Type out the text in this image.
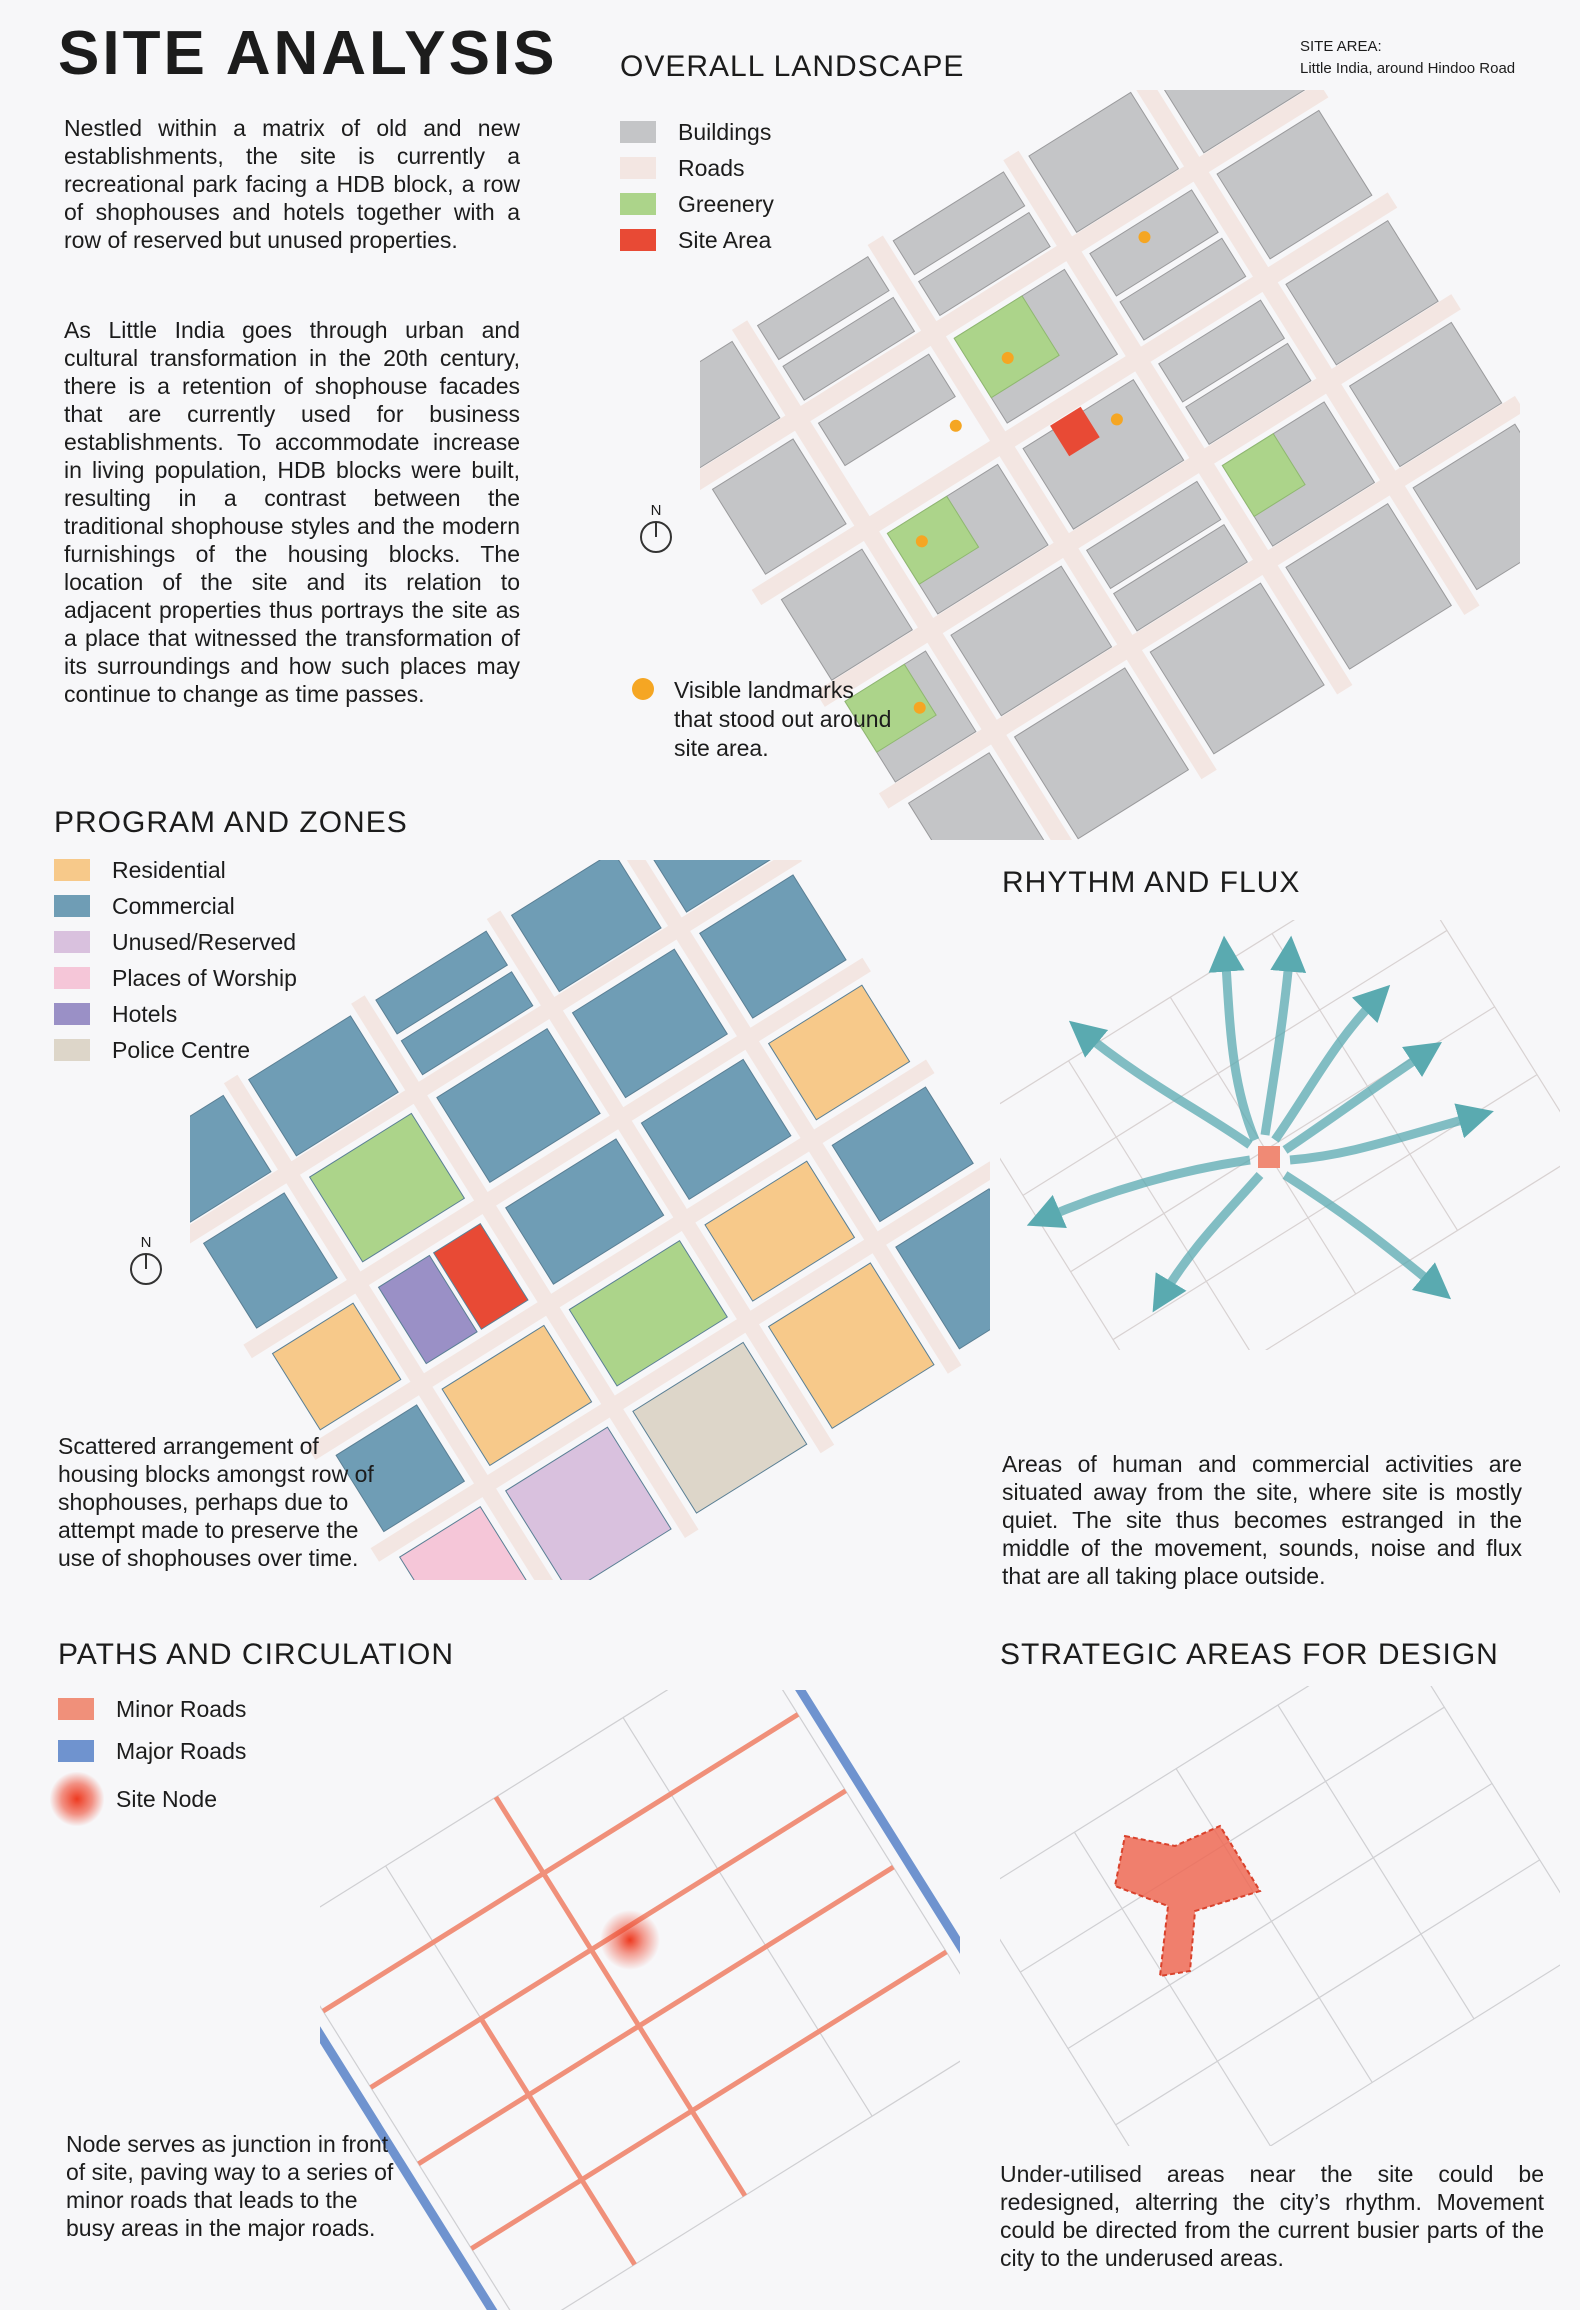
SITE ANALYSIS	SITE AREA:
Little India, around Hindoo Road

Nestled within a matrix of old and new establishments, the site is currently a recreational park facing a HDB block, a row of shophouses and hotels together with a row of reserved but unused properties.

As Little India goes through urban and cultural transformation in the 20th century, there is a retention of shophouse facades that are currently used for business establishments. To accommodate increase in living population, HDB blocks were built, resulting in a contrast between the traditional shophouse styles and the modern furnishings of the housing blocks. The location of the site and its relation to adjacent properties thus portrays the site as a place that witnessed the transformation of its surroundings and how such places may continue to change as time passes.

OVERALL LANDSCAPE
Buildings
Roads
Greenery
Site Area
N
Visible landmarks that stood out around site area.
PROGRAM AND ZONES
Residential
Commercial
Unused/Reserved
Places of Worship
Hotels
Police Centre
N

Scattered arrangement of housing blocks amongst row of shophouses, perhaps due to attempt made to preserve the use of shophouses over time.

RHYTHM AND FLUX

Areas of human and commercial activities are situated away from the site, where site is mostly quiet. The site thus becomes estranged in the middle of the movement, sounds, noise and flux that are all taking place outside.

PATHS AND CIRCULATION
Minor Roads
Major Roads
Site Node

Node serves as junction in front of site, paving way to a series of minor roads that leads to the busy areas in the major roads.

STRATEGIC AREAS FOR DESIGN

Under-utilised areas near the site could be redesigned, alterring the city’s rhythm. Movement could be directed from the current busier parts of the city to the underused areas.
